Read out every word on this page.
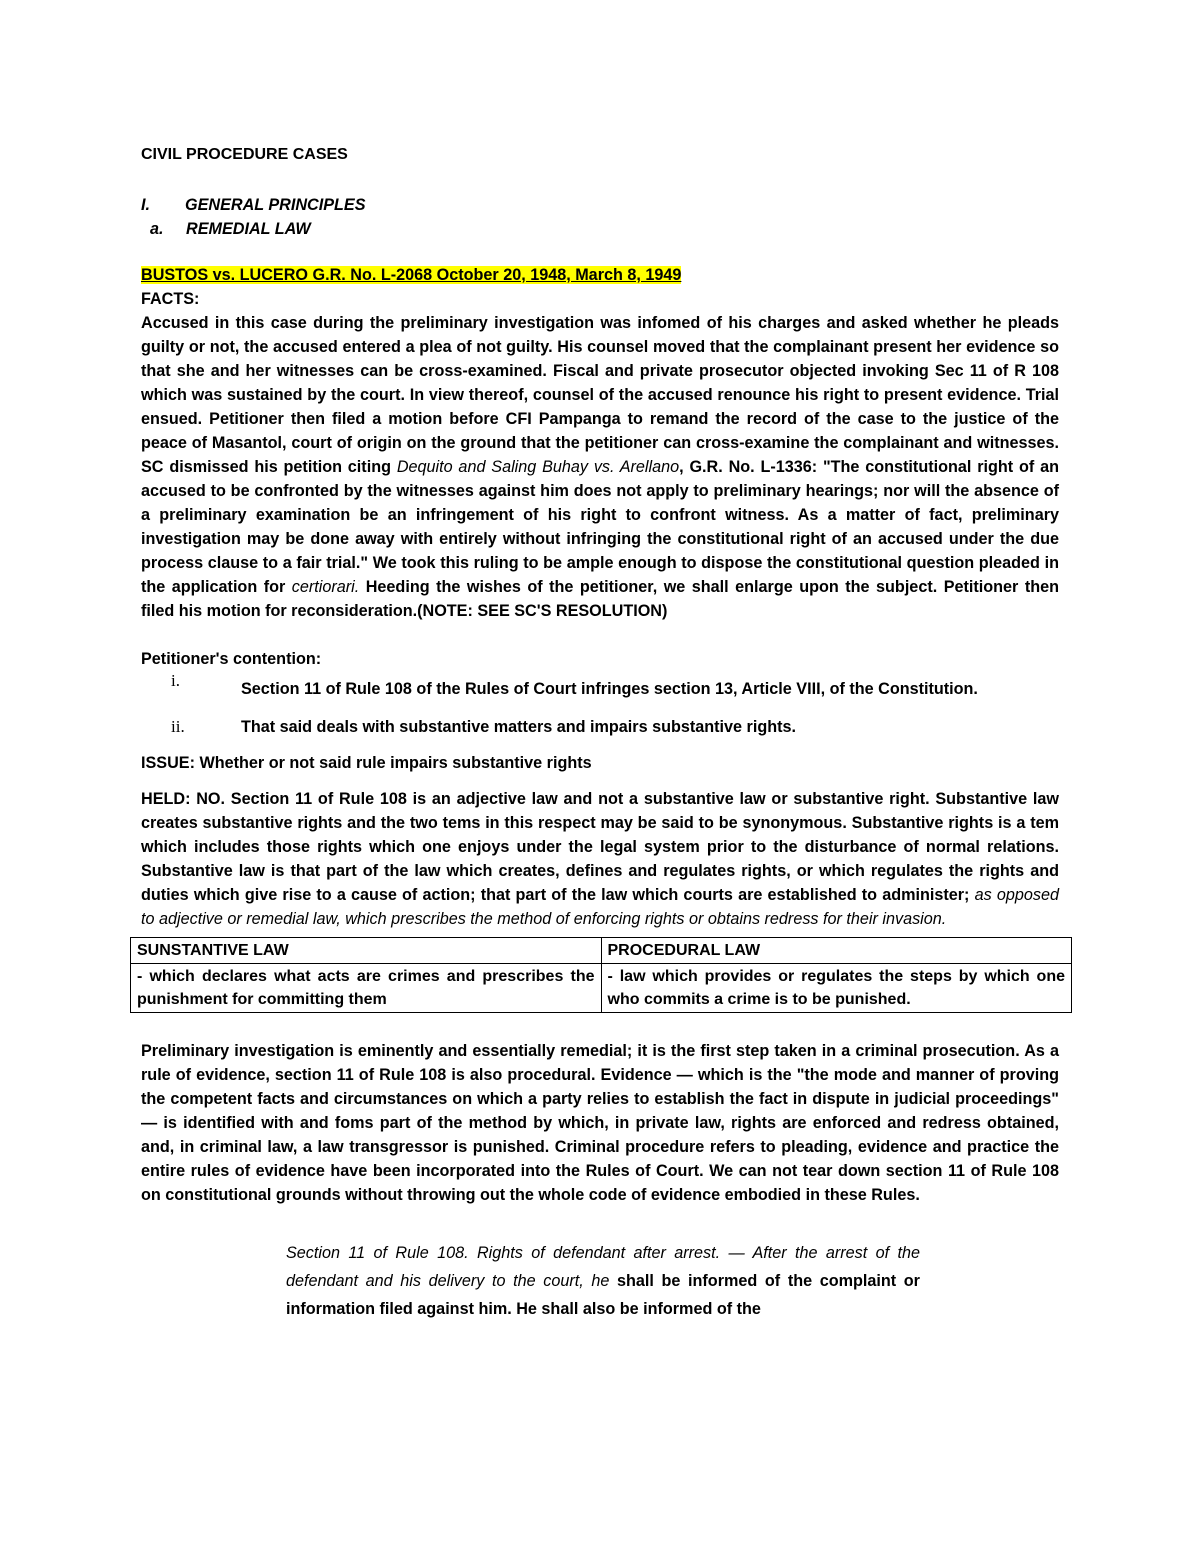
CIVIL PROCEDURE CASES
I.	GENERAL PRINCIPLES
a.	REMEDIAL LAW
BUSTOS vs. LUCERO G.R. No. L-2068 October 20, 1948, March 8, 1949
FACTS:

Accused in this case during the preliminary investigation was infomed of his charges and asked whether he pleads guilty or not, the accused entered a plea of not guilty. His counsel moved that the complainant present her evidence so that she and her witnesses can be cross-examined. Fiscal and private prosecutor objected invoking Sec 11 of R 108 which was sustained by the court. In view thereof, counsel of the accused renounce his right to present evidence. Trial ensued. Petitioner then filed a motion before CFI Pampanga to remand the record of the case to the justice of the peace of Masantol, court of origin on the ground that the petitioner can cross-examine the complainant and witnesses. SC dismissed his petition citing Dequito and Saling Buhay vs. Arellano, G.R. No. L-1336: "The constitutional right of an accused to be confronted by the witnesses against him does not apply to preliminary hearings; nor will the absence of a preliminary examination be an infringement of his right to confront witness. As a matter of fact, preliminary investigation may be done away with entirely without infringing the constitutional right of an accused under the due process clause to a fair trial." We took this ruling to be ample enough to dispose the constitutional question pleaded in the application for certiorari. Heeding the wishes of the petitioner, we shall enlarge upon the subject. Petitioner then filed his motion for reconsideration.(NOTE: SEE SC'S RESOLUTION)

Petitioner's contention:
i.	Section 11 of Rule 108 of the Rules of Court infringes section 13, Article VIII, of the Constitution.
ii.	That said deals with substantive matters and impairs substantive rights.
ISSUE: Whether or not said rule impairs substantive rights

HELD: NO. Section 11 of Rule 108 is an adjective law and not a substantive law or substantive right. Substantive law creates substantive rights and the two tems in this respect may be said to be synonymous. Substantive rights is a tem which includes those rights which one enjoys under the legal system prior to the disturbance of normal relations. Substantive law is that part of the law which creates, defines and regulates rights, or which regulates the rights and duties which give rise to a cause of action; that part of the law which courts are established to administer; as opposed to adjective or remedial law, which prescribes the method of enforcing rights or obtains redress for their invasion.

SUNSTANTIVE LAW	PROCEDURAL LAW
- which declares what acts are crimes and prescribes the punishment for committing them	- law which provides or regulates the steps by which one who commits a crime is to be punished.

Preliminary investigation is eminently and essentially remedial; it is the first step taken in a criminal prosecution. As a rule of evidence, section 11 of Rule 108 is also procedural. Evidence — which is the "the mode and manner of proving the competent facts and circumstances on which a party relies to establish the fact in dispute in judicial proceedings" — is identified with and foms part of the method by which, in private law, rights are enforced and redress obtained, and, in criminal law, a law transgressor is punished. Criminal procedure refers to pleading, evidence and practice the entire rules of evidence have been incorporated into the Rules of Court. We can not tear down section 11 of Rule 108 on constitutional grounds without throwing out the whole code of evidence embodied in these Rules.

Section 11 of Rule 108. Rights of defendant after arrest. — After the arrest of the defendant and his delivery to the court, he shall be informed of the complaint or information filed against him. He shall also be informed of the
